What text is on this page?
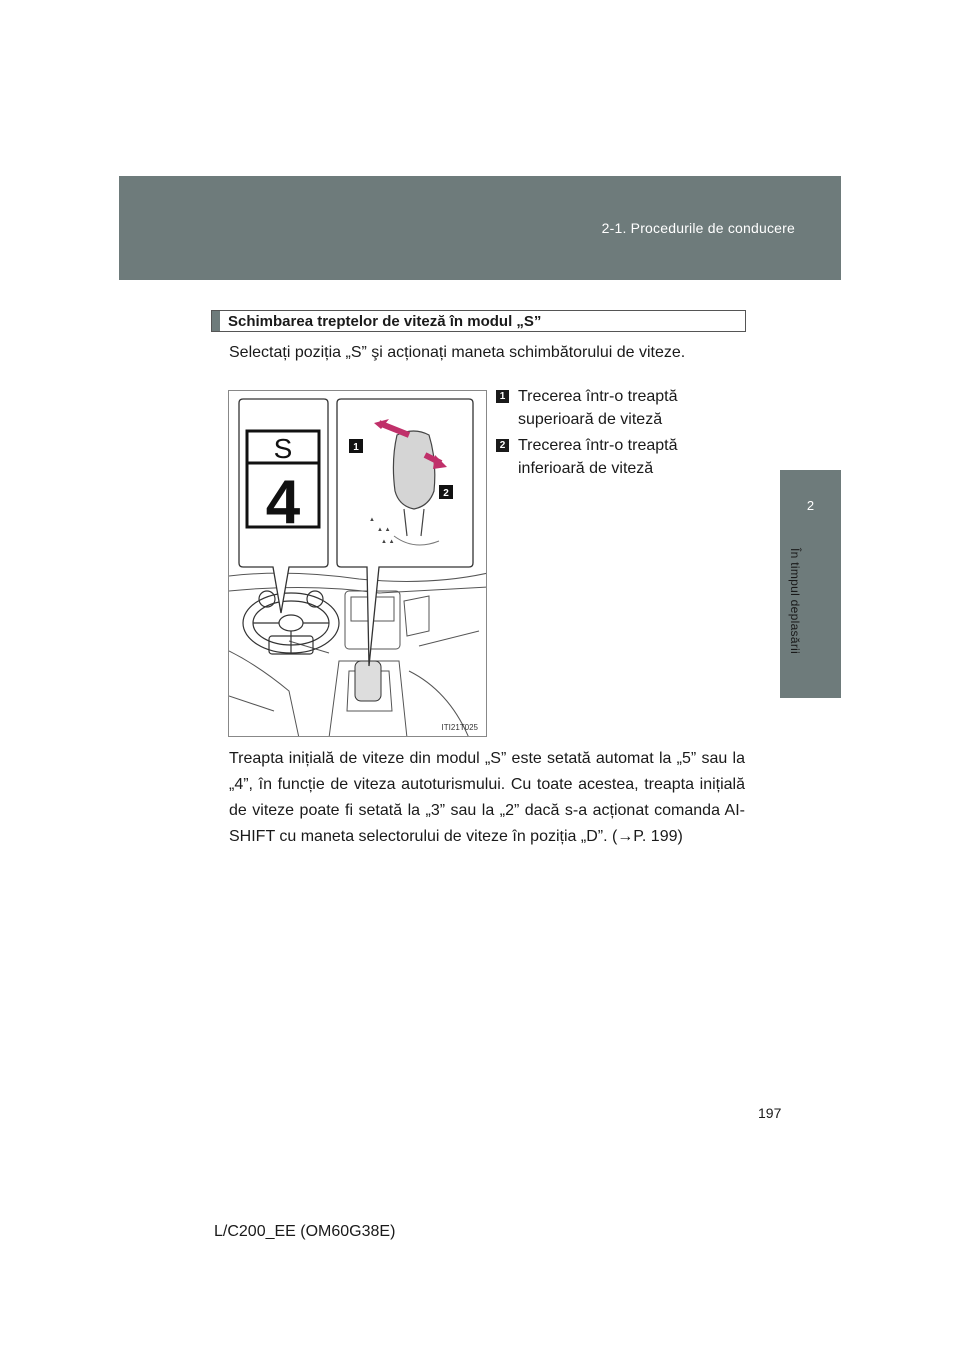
2-1. Procedurile de conducere
2
În timpul deplasării
Schimbarea treptelor de viteză în modul „S”
Selectați poziția „S” şi acționați maneta schimbătorului de viteze.
S
4	▲
▲ ▲
▲ ▲
1
2
ITI21T025
1 Trecerea într-o treaptă superioară de viteză
2 Trecerea într-o treaptă inferioară de viteză
Treapta inițială de viteze din modul „S” este setată automat la „5” sau la „4”, în funcție de viteza autoturismului. Cu toate acestea, treapta inițială de viteze poate fi setată la „3” sau la „2” dacă s-a acționat comanda AI-SHIFT cu maneta selectorului de viteze în poziția „D”. (→P. 199)
197
L/C200_EE (OM60G38E)
